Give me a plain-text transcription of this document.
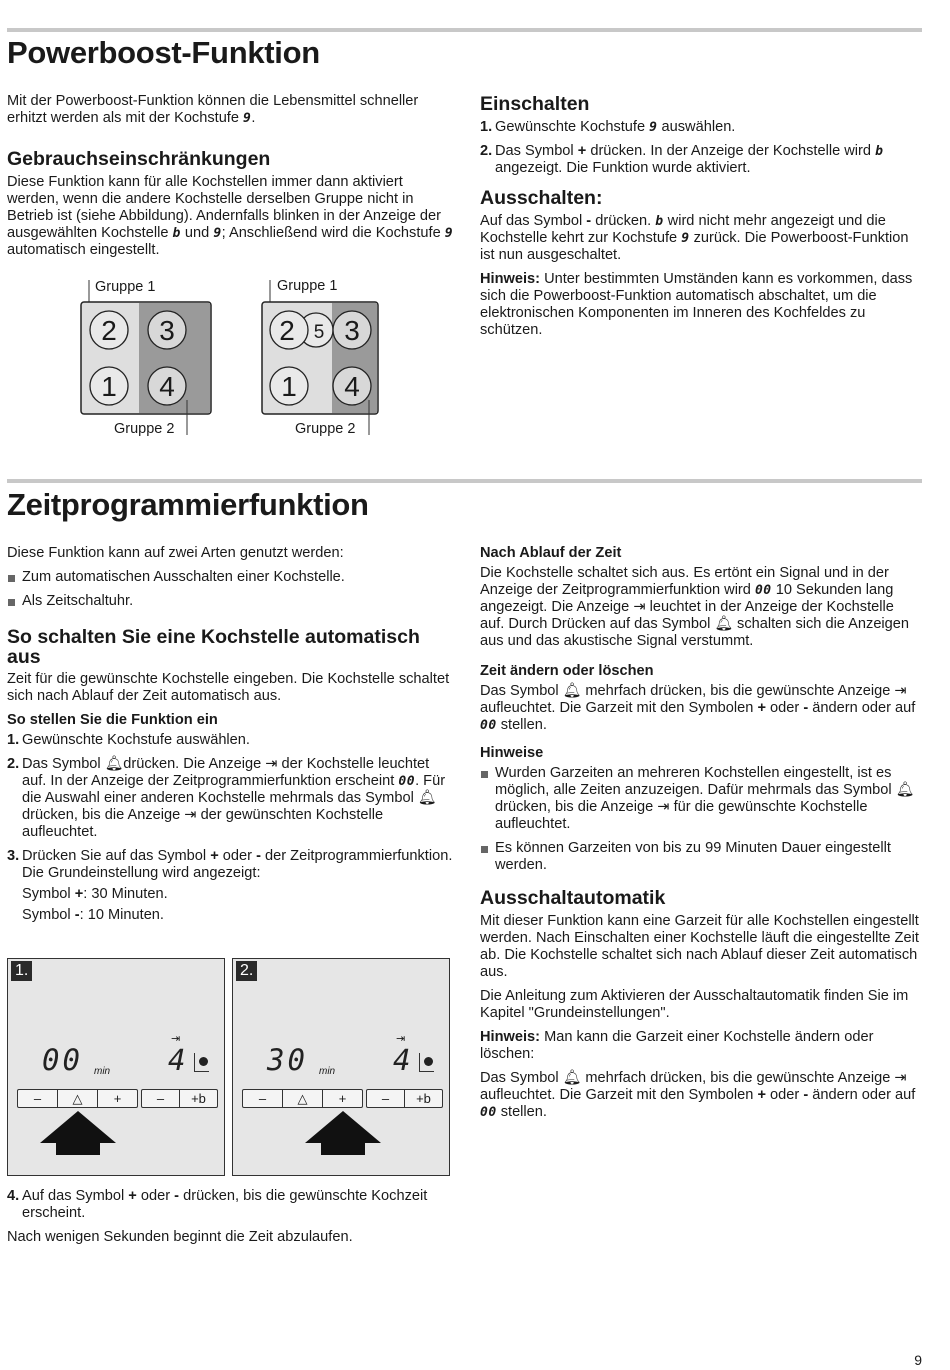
Powerboost-Funktion

Mit der Powerboost-Funktion können die Lebensmittel schneller erhitzt werden als mit der Kochstufe 9.

Gebrauchseinschränkungen

Diese Funktion kann für alle Kochstellen immer dann aktiviert werden, wenn die andere Kochstelle derselben Gruppe nicht in Betrieb ist (siehe Abbildung). Andernfalls blinken in der Anzeige der ausgewählten Kochstelle b und 9; Anschließend wird die Kochstufe 9 automatisch eingestellt.

Gruppe 1	Gruppe 1
Gruppe 2	Gruppe 2
2 3
1 4
2 5 3
1 4
Einschalten
1. Gewünschte Kochstufe 9 auswählen.
2. Das Symbol + drücken. In der Anzeige der Kochstelle wird b angezeigt. Die Funktion wurde aktiviert.
Ausschalten:

Auf das Symbol - drücken. b wird nicht mehr angezeigt und die Kochstelle kehrt zur Kochstufe 9 zurück. Die Powerboost-Funktion ist nun ausgeschaltet.

Hinweis: Unter bestimmten Umständen kann es vorkommen, dass sich die Powerboost-Funktion automatisch abschaltet, um die elektronischen Komponenten im Inneren des Kochfeldes zu schützen.

Zeitprogrammierfunktion

Diese Funktion kann auf zwei Arten genutzt werden:

Zum automatischen Ausschalten einer Kochstelle.
Als Zeitschaltuhr.
So schalten Sie eine Kochstelle automatisch aus

Zeit für die gewünschte Kochstelle eingeben. Die Kochstelle schaltet sich nach Ablauf der Zeit automatisch aus.

So stellen Sie die Funktion ein
1. Gewünschte Kochstufe auswählen.
2. Das Symbol 🔔︎drücken. Die Anzeige ⇥ der Kochstelle leuchtet auf. In der Anzeige der Zeitprogrammierfunktion erscheint 00. Für die Auswahl einer anderen Kochstelle mehrmals das Symbol 🔔︎ drücken, bis die Anzeige ⇥ der gewünschten Kochstelle aufleuchtet.
3. Drücken Sie auf das Symbol + oder - der Zeitprogrammierfunktion. Die Grundeinstellung wird angezeigt:
Symbol +: 30 Minuten.
Symbol -: 10 Minuten.
1.
00 min
⇥
4
–	△	+	–	+b
2.
30 min
⇥
4
–	△	+	–	+b
4. Auf das Symbol + oder - drücken, bis die gewünschte Kochzeit erscheint.

Nach wenigen Sekunden beginnt die Zeit abzulaufen.

Nach Ablauf der Zeit

Die Kochstelle schaltet sich aus. Es ertönt ein Signal und in der Anzeige der Zeitprogrammierfunktion wird 00 10 Sekunden lang angezeigt. Die Anzeige ⇥ leuchtet in der Anzeige der Kochstelle auf. Durch Drücken auf das Symbol 🔔︎ schalten sich die Anzeigen aus und das akustische Signal verstummt.

Zeit ändern oder löschen

Das Symbol 🔔︎ mehrfach drücken, bis die gewünschte Anzeige ⇥ aufleuchtet. Die Garzeit mit den Symbolen + oder - ändern oder auf 00 stellen.

Hinweise
Wurden Garzeiten an mehreren Kochstellen eingestellt, ist es möglich, alle Zeiten anzuzeigen. Dafür mehrmals das Symbol 🔔︎ drücken, bis die Anzeige ⇥ für die gewünschte Kochstelle aufleuchtet.
Es können Garzeiten von bis zu 99 Minuten Dauer eingestellt werden.
Ausschaltautomatik

Mit dieser Funktion kann eine Garzeit für alle Kochstellen eingestellt werden. Nach Einschalten einer Kochstelle läuft die eingestellte Zeit ab. Die Kochstelle schaltet sich nach Ablauf dieser Zeit automatisch aus.

Die Anleitung zum Aktivieren der Ausschaltautomatik finden Sie im Kapitel "Grundeinstellungen".

Hinweis: Man kann die Garzeit einer Kochstelle ändern oder löschen:

Das Symbol 🔔︎ mehrfach drücken, bis die gewünschte Anzeige ⇥ aufleuchtet. Die Garzeit mit den Symbolen + oder - ändern oder auf 00 stellen.

9
